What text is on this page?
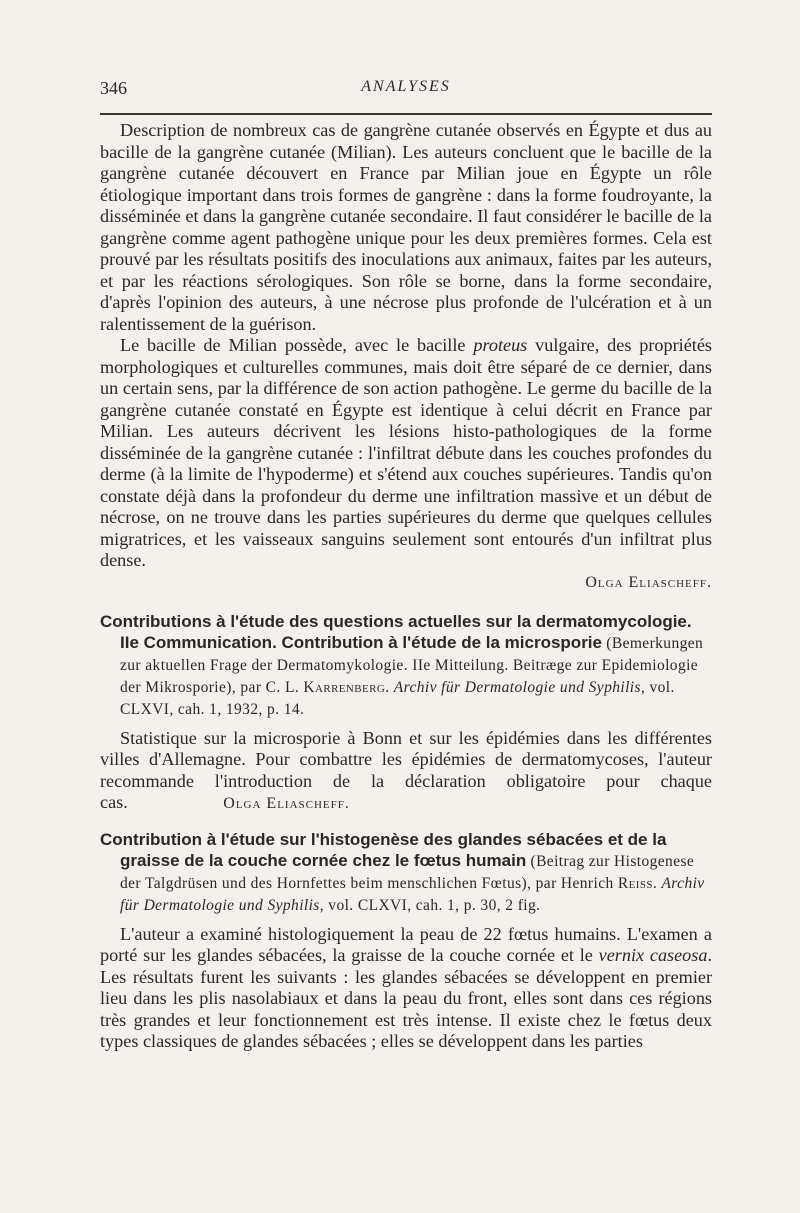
346	ANALYSES

Description de nombreux cas de gangrène cutanée observés en Égypte et dus au bacille de la gangrène cutanée (Milian). Les auteurs concluent que le bacille de la gangrène cutanée découvert en France par Milian joue en Égypte un rôle étiologique important dans trois formes de gangrène : dans la forme foudroyante, la disséminée et dans la gangrène cutanée secondaire. Il faut considérer le bacille de la gangrène comme agent pathogène unique pour les deux premières formes. Cela est prouvé par les résultats positifs des inoculations aux animaux, faites par les auteurs, et par les réactions sérologiques. Son rôle se borne, dans la forme secondaire, d'après l'opinion des auteurs, à une nécrose plus profonde de l'ulcération et à un ralentissement de la guérison.

Le bacille de Milian possède, avec le bacille proteus vulgaire, des propriétés morphologiques et culturelles communes, mais doit être séparé de ce dernier, dans un certain sens, par la différence de son action pathogène. Le germe du bacille de la gangrène cutanée constaté en Égypte est identique à celui décrit en France par Milian. Les auteurs décrivent les lésions histo-pathologiques de la forme disséminée de la gangrène cutanée : l'infiltrat débute dans les couches profondes du derme (à la limite de l'hypoderme) et s'étend aux couches supérieures. Tandis qu'on constate déjà dans la profondeur du derme une infiltration massive et un début de nécrose, on ne trouve dans les parties supérieures du derme que quelques cellules migratrices, et les vaisseaux sanguins seulement sont entourés d'un infiltrat plus dense.

Olga Eliascheff.

Contributions à l'étude des questions actuelles sur la dermatomycologie. IIe Communication. Contribution à l'étude de la microsporie (Bemerkungen zur aktuellen Frage der Dermatomykologie. IIe Mitteilung. Beitræge zur Epidemiologie der Mikrosporie), par C. L. Karrenberg. Archiv für Dermatologie und Syphilis, vol. CLXVI, cah. 1, 1932, p. 14.

Statistique sur la microsporie à Bonn et sur les épidémies dans les différentes villes d'Allemagne. Pour combattre les épidémies de dermatomycoses, l'auteur recommande l'introduction de la déclaration obligatoire pour chaque cas.	Olga Eliascheff.

Contribution à l'étude sur l'histogenèse des glandes sébacées et de la graisse de la couche cornée chez le fœtus humain (Beitrag zur Histogenese der Talgdrüsen und des Hornfettes beim menschlichen Fœtus), par Henrich Reiss. Archiv für Dermatologie und Syphilis, vol. CLXVI, cah. 1, p. 30, 2 fig.

L'auteur a examiné histologiquement la peau de 22 fœtus humains. L'examen a porté sur les glandes sébacées, la graisse de la couche cornée et le vernix caseosa. Les résultats furent les suivants : les glandes sébacées se développent en premier lieu dans les plis nasolabiaux et dans la peau du front, elles sont dans ces régions très grandes et leur fonctionnement est très intense. Il existe chez le fœtus deux types classiques de glandes sébacées ; elles se développent dans les parties
